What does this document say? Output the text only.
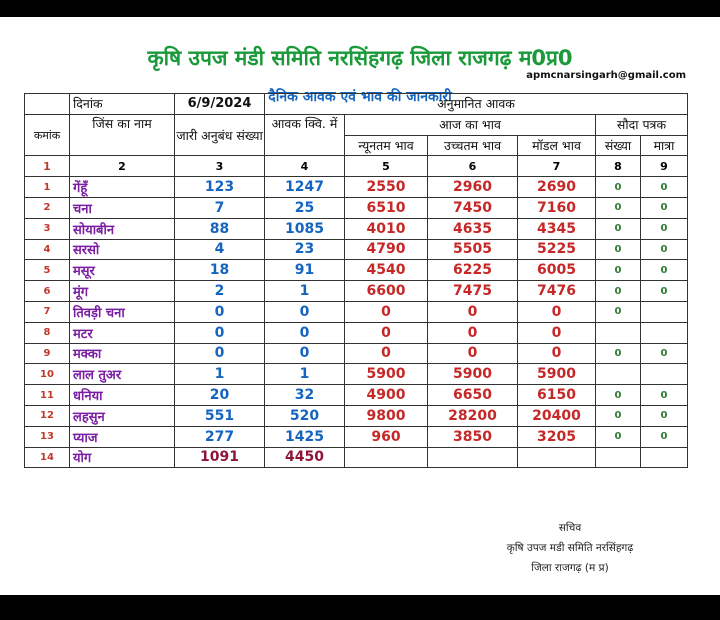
कृषि उपज मंडी समिति नरसिंहगढ़ जिला राजगढ़ म0प्र0
apmcnarsingarh@gmail.com
दैनिक आवक एवं भाव की जानकारी
	दिनांक	6/9/2024	अनुमानित आवक					
कमांक	जिंस का नाम	जारी अनुबंध संख्या	आवक क्वि. में	आज का भाव			सौदा पत्रक	
				न्यूनतम भाव	उच्चतम भाव	मॉडल भाव	संख्या	मात्रा
1	2	3	4	5	6	7	8	9
1	गेंहूँ	123	1247	2550	2960	2690	0	0
2	चना	7	25	6510	7450	7160	0	0
3	सोयाबीन	88	1085	4010	4635	4345	0	0
4	सरसो	4	23	4790	5505	5225	0	0
5	मसूर	18	91	4540	6225	6005	0	0
6	मूंग	2	1	6600	7475	7476	0	0
7	तिवड़ी चना	0	0	0	0	0	0	
8	मटर	0	0	0	0	0		
9	मक्का	0	0	0	0	0	0	0
10	लाल तुअर	1	1	5900	5900	5900		
11	धनिया	20	32	4900	6650	6150	0	0
12	लहसुन	551	520	9800	28200	20400	0	0
13	प्याज	277	1425	960	3850	3205	0	0
14	योग	1091	4450					
सचिव
कृषि उपज मडी समिति नरसिंहगढ़
जिला राजगढ़ (म प्र)
